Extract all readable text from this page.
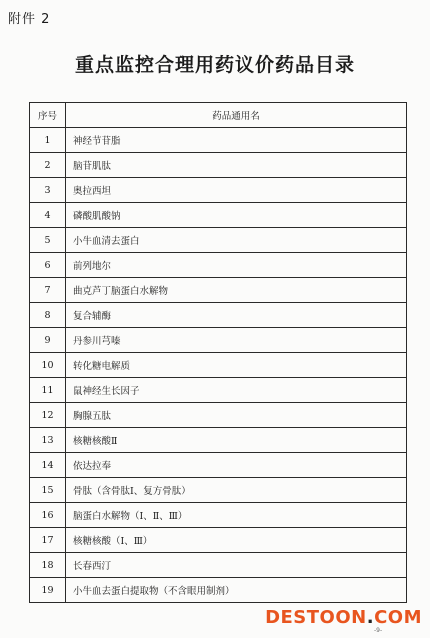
附件 2
重点监控合理用药议价药品目录
序号	药品通用名
1	神经节苷脂
2	脑苷肌肽
3	奥拉西坦
4	磷酸肌酸钠
5	小牛血清去蛋白
6	前列地尔
7	曲克芦丁脑蛋白水解物
8	复合辅酶
9	丹参川芎嗪
10	转化糖电解质
11	鼠神经生长因子
12	胸腺五肽
13	核糖核酸Ⅱ
14	依达拉奉
15	骨肽（含骨肽Ⅰ、复方骨肽）
16	脑蛋白水解物（Ⅰ、Ⅱ、Ⅲ）
17	核糖核酸（Ⅰ、Ⅲ）
18	长春西汀
19	小牛血去蛋白提取物（不含眼用制剂）
-9-
DESTOON.COM
